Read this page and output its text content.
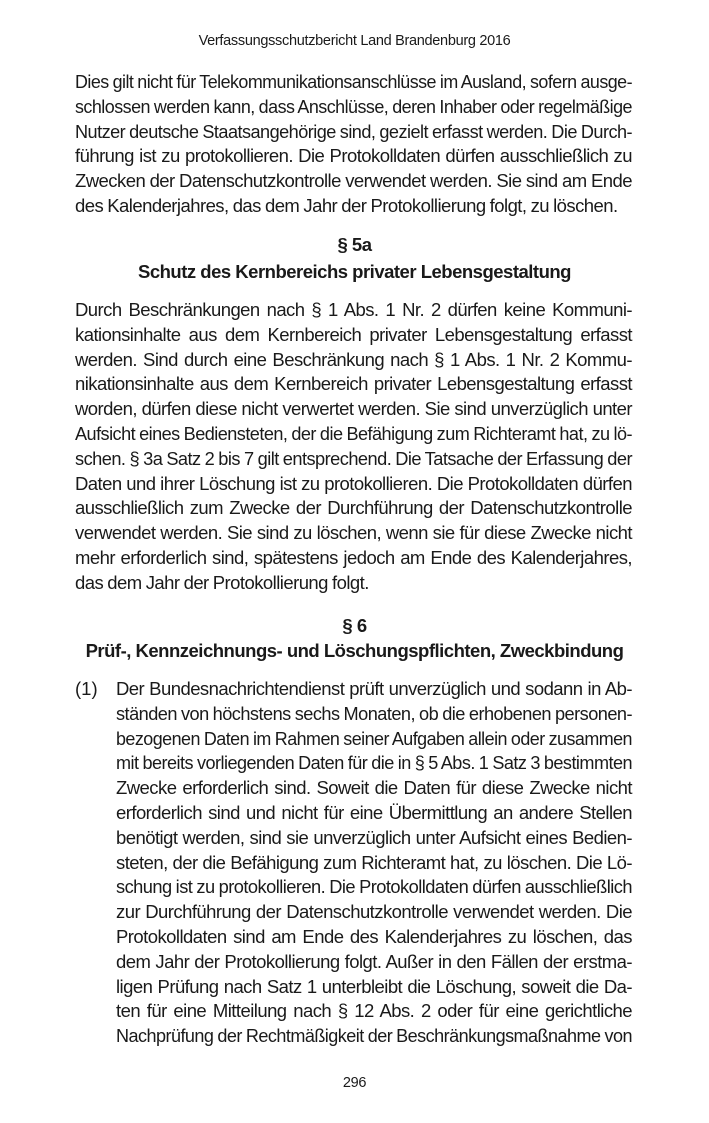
Verfassungsschutzbericht Land Brandenburg 2016
Dies gilt nicht für Telekommunikationsanschlüsse im Ausland, sofern ausge-
schlossen werden kann, dass Anschlüsse, deren Inhaber oder regelmäßige
Nutzer deutsche Staatsangehörige sind, gezielt erfasst werden. Die Durch-
führung ist zu protokollieren. Die Protokolldaten dürfen ausschließlich zu
Zwecken der Datenschutzkontrolle verwendet werden. Sie sind am Ende
des Kalenderjahres, das dem Jahr der Protokollierung folgt, zu löschen.
§ 5a
Schutz des Kernbereichs privater Lebensgestaltung
Durch Beschränkungen nach § 1 Abs. 1 Nr. 2 dürfen keine Kommuni-
kationsinhalte aus dem Kernbereich privater Lebensgestaltung erfasst
werden. Sind durch eine Beschränkung nach § 1 Abs. 1 Nr. 2 Kommu-
nikationsinhalte aus dem Kernbereich privater Lebensgestaltung erfasst
worden, dürfen diese nicht verwertet werden. Sie sind unverzüglich unter
Aufsicht eines Bediensteten, der die Befähigung zum Richteramt hat, zu lö-
schen. § 3a Satz 2 bis 7 gilt entsprechend. Die Tatsache der Erfassung der
Daten und ihrer Löschung ist zu protokollieren. Die Protokolldaten dürfen
ausschließlich zum Zwecke der Durchführung der Datenschutzkontrolle
verwendet werden. Sie sind zu löschen, wenn sie für diese Zwecke nicht
mehr erforderlich sind, spätestens jedoch am Ende des Kalenderjahres,
das dem Jahr der Protokollierung folgt.
§ 6
Prüf-, Kennzeichnungs- und Löschungspflichten, Zweckbindung
(1) Der Bundesnachrichtendienst prüft unverzüglich und sodann in Ab-
ständen von höchstens sechs Monaten, ob die erhobenen personen-
bezogenen Daten im Rahmen seiner Aufgaben allein oder zusammen
mit bereits vorliegenden Daten für die in § 5 Abs. 1 Satz 3 bestimmten
Zwecke erforderlich sind. Soweit die Daten für diese Zwecke nicht
erforderlich sind und nicht für eine Übermittlung an andere Stellen
benötigt werden, sind sie unverzüglich unter Aufsicht eines Bedien-
steten, der die Befähigung zum Richteramt hat, zu löschen. Die Lö-
schung ist zu protokollieren. Die Protokolldaten dürfen ausschließlich
zur Durchführung der Datenschutzkontrolle verwendet werden. Die
Protokolldaten sind am Ende des Kalenderjahres zu löschen, das
dem Jahr der Protokollierung folgt. Außer in den Fällen der erstma-
ligen Prüfung nach Satz 1 unterbleibt die Löschung, soweit die Da-
ten für eine Mitteilung nach § 12 Abs. 2 oder für eine gerichtliche
Nachprüfung der Rechtmäßigkeit der Beschränkungsmaßnahme von
296
